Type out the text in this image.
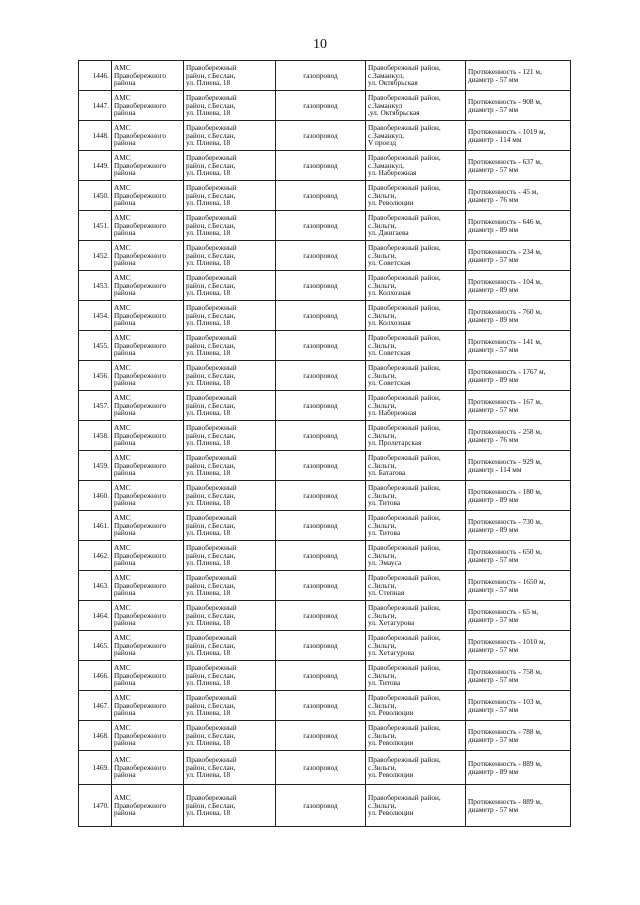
10
1446.	АМС
Правобережного
района	Правобережный
район, г.Беслан,
ул. Плиева, 18	газопровод	Правобережный район,
с.Заманкул,
ул. Октябрьская	Протяженность - 121 м,
диаметр - 57 мм
1447.	АМС
Правобережного
района	Правобережный
район, г.Беслан,
ул. Плиева, 18	газопровод	Правобережный район,
с.Заманкул
,ул. Октябрьская	Протяженность - 908 м,
диаметр - 57 мм
1448.	АМС
Правобережного
района	Правобережный
район, г.Беслан,
ул. Плиева, 18	газопровод	Правобережный район,
с.Заманкул,
V проезд	Протяженность - 1019 м,
диаметр - 114 мм
1449.	АМС
Правобережного
района	Правобережный
район, г.Беслан,
ул. Плиева, 18	газопровод	Правобережный район,
с.Заманкул,
ул. Набережная	Протяженность - 637 м,
диаметр - 57 мм
1450.	АМС
Правобережного
района	Правобережный
район, г.Беслан,
ул. Плиева, 18	газопровод	Правобережный район,
с.Зильги,
ул. Революции	Протяженность - 45 м,
диаметр - 76 мм
1451.	АМС
Правобережного
района	Правобережный
район, г.Беслан,
ул. Плиева, 18	газопровод	Правобережный район,
с.Зильги,
ул. Джигаева	Протяженность - 646 м,
диаметр - 89 мм
1452.	АМС
Правобережного
района	Правобережный
район, г.Беслан,
ул. Плиева, 18	газопровод	Правобережный район,
с.Зильги,
ул. Советская	Протяженность - 234 м,
диаметр - 57 мм
1453.	АМС
Правобережного
района	Правобережный
район, г.Беслан,
ул. Плиева, 18	газопровод	Правобережный район,
с.Зильги,
ул. Колхозная	Протяженность - 104 м,
диаметр - 89 мм
1454.	АМС
Правобережного
района	Правобережный
район, г.Беслан,
ул. Плиева, 18	газопровод	Правобережный район,
с.Зильги,
ул. Колхозная	Протяженность - 760 м,
диаметр - 89 мм
1455.	АМС
Правобережного
района	Правобережный
район, г.Беслан,
ул. Плиева, 18	газопровод	Правобережный район,
с.Зильги,
ул. Советская	Протяженность - 141 м,
диаметр - 57 мм
1456.	АМС
Правобережного
района	Правобережный
район, г.Беслан,
ул. Плиева, 18	газопровод	Правобережный район,
с.Зильги,
ул. Советская	Протяженность - 1767 м,
диаметр - 89 мм
1457.	АМС
Правобережного
района	Правобережный
район, г.Беслан,
ул. Плиева, 18	газопровод	Правобережный район,
с.Зильги,
ул. Набережная	Протяженность - 167 м,
диаметр - 57 мм
1458.	АМС
Правобережного
района	Правобережный
район, г.Беслан,
ул. Плиева, 18	газопровод	Правобережный район,
с.Зильги,
ул. Пролетарская	Протяженность - 258 м,
диаметр - 76 мм
1459.	АМС
Правобережного
района	Правобережный
район, г.Беслан,
ул. Плиева, 18	газопровод	Правобережный район,
с.Зильги,
ул. Батагова	Протяженность - 929 м,
диаметр - 114 мм
1460.	АМС
Правобережного
района	Правобережный
район, г.Беслан,
ул. Плиева, 18	газопровод	Правобережный район,
с.Зильги,
ул. Титова	Протяженность - 180 м,
диаметр - 89 мм
1461.	АМС
Правобережного
района	Правобережный
район, г.Беслан,
ул. Плиева, 18	газопровод	Правобережный район,
с.Зильги,
ул. Титова	Протяженность - 730 м,
диаметр - 89 мм
1462.	АМС
Правобережного
района	Правобережный
район, г.Беслан,
ул. Плиева, 18	газопровод	Правобережный район,
с.Зильги,
ул. Эмауса	Протяженность - 650 м,
диаметр - 57 мм
1463.	АМС
Правобережного
района	Правобережный
район, г.Беслан,
ул. Плиева, 18	газопровод	Правобережный район,
с.Зильги,
ул. Степная	Протяженность - 1650 м,
диаметр - 57 мм
1464.	АМС
Правобережного
района	Правобережный
район, г.Беслан,
ул. Плиева, 18	газопровод	Правобережный район,
с.Зильги,
ул. Хетагурова	Протяженность - 65 м,
диаметр - 57 мм
1465.	АМС
Правобережного
района	Правобережный
район, г.Беслан,
ул. Плиева, 18	газопровод	Правобережный район,
с.Зильги,
ул. Хетагурова	Протяженность - 1010 м,
диаметр - 57 мм
1466.	АМС
Правобережного
района	Правобережный
район, г.Беслан,
ул. Плиева, 18	газопровод	Правобережный район,
с.Зильги,
ул. Титова	Протяженность - 758 м,
диаметр - 57 мм
1467.	АМС
Правобережного
района	Правобережный
район, г.Беслан,
ул. Плиева, 18	газопровод	Правобережный район,
с.Зильги,
ул. Революции	Протяженность - 103 м,
диаметр - 57 мм
1468.	АМС
Правобережного
района	Правобережный
район, г.Беслан,
ул. Плиева, 18	газопровод	Правобережный район,
с.Зильги,
ул. Революции	Протяженность - 788 м,
диаметр - 57 мм
1469.	АМС
Правобережного
района	Правобережный
район, г.Беслан,
ул. Плиева, 18	газопровод	Правобережный район,
с.Зильги,
ул. Революции	Протяженность - 889 м,
диаметр - 89 мм
1470.	АМС
Правобережного
района	Правобережный
район, г.Беслан,
ул. Плиева, 18	газопровод	Правобережный район,
с.Зильги,
ул. Революции	Протяженность - 889 м,
диаметр - 57 мм
